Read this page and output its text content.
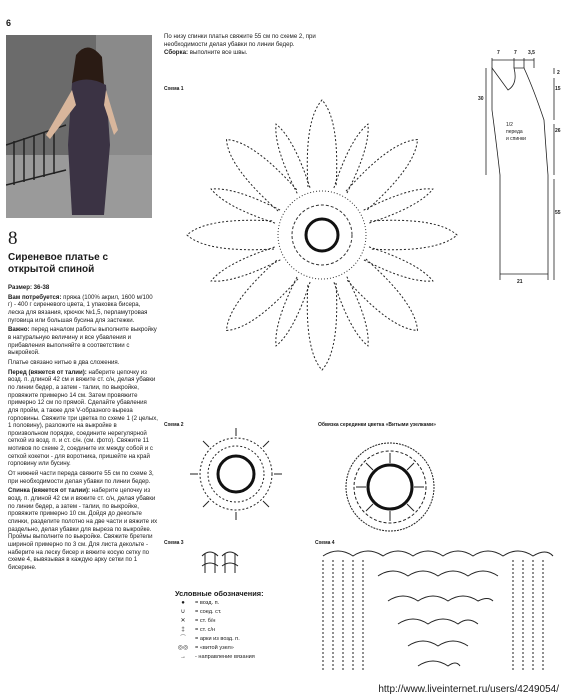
6
8
Сиреневое платье с открытой спиной

Размер: 36-38

Вам потребуется: пряжа (100% акрил, 1600 м/100 г) - 400 г сиреневого цвета, 1 упаковка бисера, леска для вязания, крючок №1,5, перламутровая пуговица или большая бусина для застежки.

Важно: перед началом работы выполните выкройку в натуральную величину и все убавления и прибавления выполняйте в соответствии с выкройкой.

Платье связано нитью в два сложения.

Перед (вяжется от талии): наберите цепочку из возд. п. длиной 42 см и вяжите ст. с/н, делая убавки по линии бедер, а затем - талии, по выкройке, провяжите примерно 14 см. Затем провяжите примерно 12 см по прямой. Сделайте убавления для пройм, а также для V-образного выреза горловины. Свяжите три цветка по схеме 1 (2 целых, 1 половину), разложите на выкройке в произвольном порядке, соедините нерегулярной сеткой из возд. п. и ст. с/н. (см. фото). Свяжите 11 мотивов по схеме 2, соедините их между собой и с сеткой кокетки - для воротника, пришейте на край горловину или бусину.

От нижней части переда свяжите 55 см по схеме 3, при необходимости делая убавки по линии бедер.

Спинка (вяжется от талии): наберите цепочку из возд. п. длиной 42 см и вяжите ст. с/н, делая убавки по линии бедер, а затем - талии, по выкройке, провяжите примерно 10 см. Дойдя до декольте спинки, разделите полотно на две части и вяжите их раздельно, делая убавки для выреза по выкройке. Проймы выполните по выкройке. Свяжите бретели шириной примерно по 3 см. Для листа декольте - наберите на леску бисер и вяжите косую сетку по схеме 4, вывязывая в каждую арку сетки по 1 бисерине.

По низу спинки платья свяжите 55 см по схеме 2, при необходимости делая убавки по линии бедер.

Сборка: выполните все швы.	7	7 3,5
2
30
15
26
55
21
1/2
переда
и спинки
Схема 1
Схема 2	Обвязка серединки цветка «Витыми узелками»
Схема 3	Схема 4
Условные обозначения:
●	= возд. п.
∪	= соед. ст.
✕	= ст. б/н
‡	= ст. с/н
⌒	= арки из возд. п.
◎◎	= «витой узел»
→	- направление вязания
http://www.liveinternet.ru/users/4249054/
